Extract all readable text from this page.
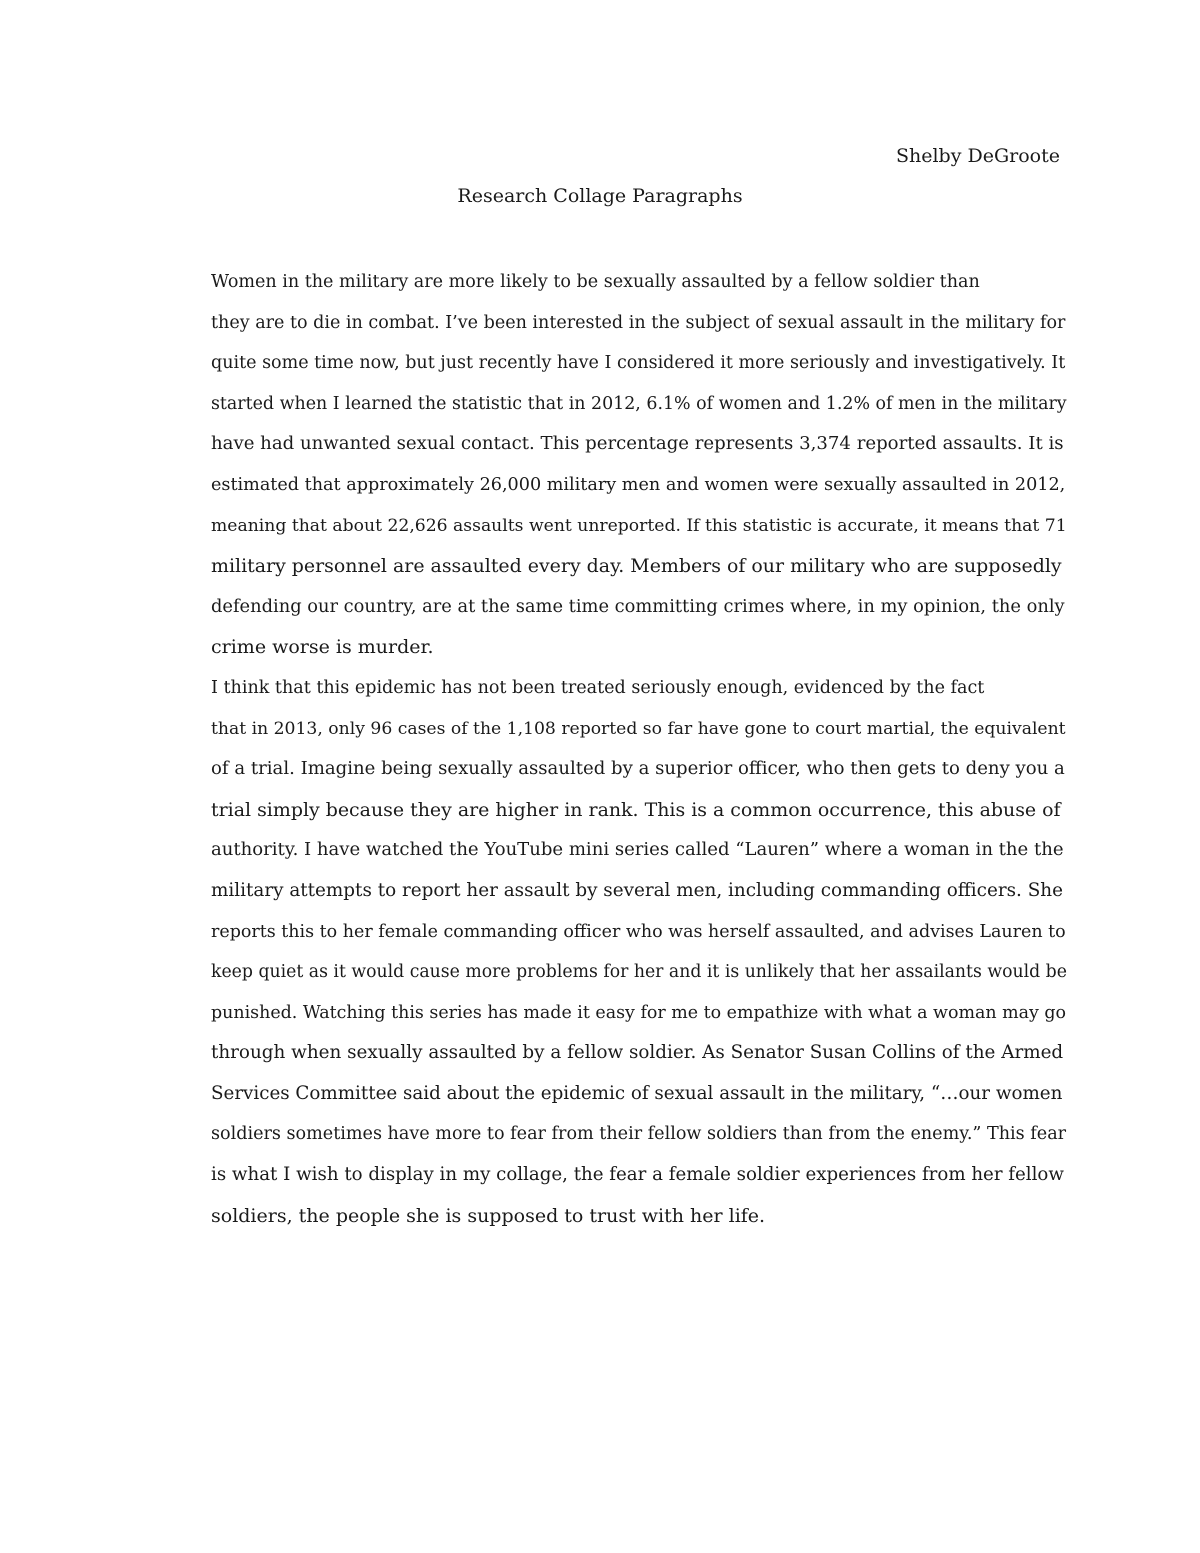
Shelby DeGroote
Research Collage Paragraphs

Women in the military are more likely to be sexually assaulted by a fellow soldier than
they are to die in combat. I’ve been interested in the subject of sexual assault in the military for
quite some time now, but just recently have I considered it more seriously and investigatively. It
started when I learned the statistic that in 2012, 6.1% of women and 1.2% of men in the military
have had unwanted sexual contact. This percentage represents 3,374 reported assaults. It is
estimated that approximately 26,000 military men and women were sexually assaulted in 2012,
meaning that about 22,626 assaults went unreported. If this statistic is accurate, it means that 71
military personnel are assaulted every day. Members of our military who are supposedly
defending our country, are at the same time committing crimes where, in my opinion, the only
crime worse is murder.

I think that this epidemic has not been treated seriously enough, evidenced by the fact
that in 2013, only 96 cases of the 1,108 reported so far have gone to court martial, the equivalent
of a trial. Imagine being sexually assaulted by a superior officer, who then gets to deny you a
trial simply because they are higher in rank. This is a common occurrence, this abuse of
authority. I have watched the YouTube mini series called “Lauren” where a woman in the the
military attempts to report her assault by several men, including commanding officers. She
reports this to her female commanding officer who was herself assaulted, and advises Lauren to
keep quiet as it would cause more problems for her and it is unlikely that her assailants would be
punished. Watching this series has made it easy for me to empathize with what a woman may go
through when sexually assaulted by a fellow soldier. As Senator Susan Collins of the Armed
Services Committee said about the epidemic of sexual assault in the military, “…our women
soldiers sometimes have more to fear from their fellow soldiers than from the enemy.” This fear
is what I wish to display in my collage, the fear a female soldier experiences from her fellow
soldiers, the people she is supposed to trust with her life.
